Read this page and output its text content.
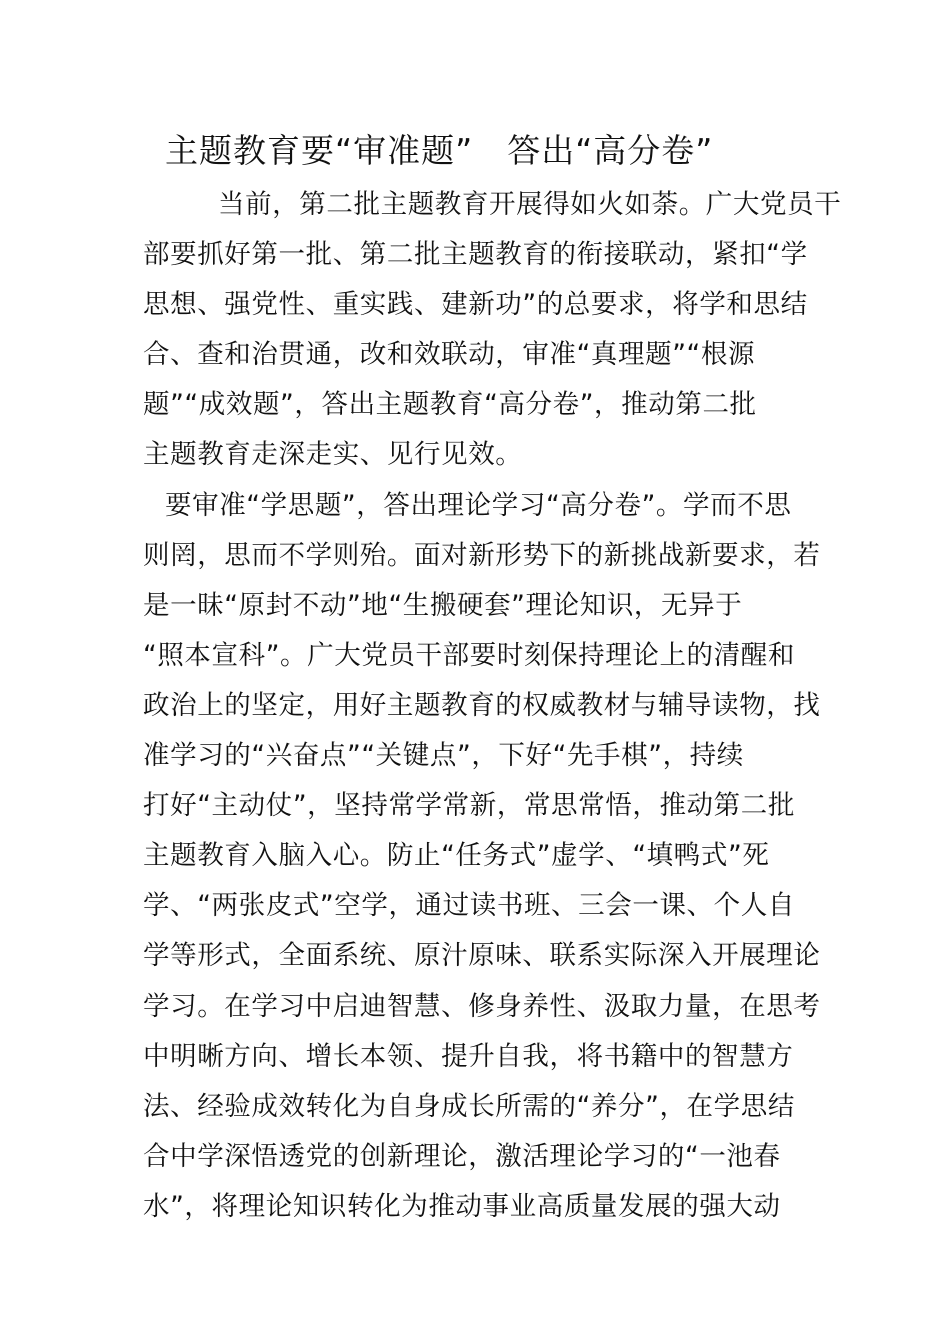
主题教育要“审准题”　答出“高分卷”
当前，第二批主题教育开展得如火如荼。广大党员干
部要抓好第一批、第二批主题教育的衔接联动，紧扣“学
思想、强党性、重实践、建新功”的总要求，将学和思结
合、查和治贯通，改和效联动，审准“真理题”“根源
题”“成效题”，答出主题教育“高分卷”，推动第二批
主题教育走深走实、见行见效。
要审准“学思题”，答出理论学习“高分卷”。学而不思
则罔，思而不学则殆。面对新形势下的新挑战新要求，若
是一昧“原封不动”地“生搬硬套”理论知识，无异于
“照本宣科”。广大党员干部要时刻保持理论上的清醒和
政治上的坚定，用好主题教育的权威教材与辅导读物，找
准学习的“兴奋点”“关键点”，下好“先手棋”，持续
打好“主动仗”，坚持常学常新，常思常悟，推动第二批
主题教育入脑入心。防止“任务式”虚学、“填鸭式”死
学、“两张皮式”空学，通过读书班、三会一课、个人自
学等形式，全面系统、原汁原味、联系实际深入开展理论
学习。在学习中启迪智慧、修身养性、汲取力量，在思考
中明晰方向、增长本领、提升自我，将书籍中的智慧方
法、经验成效转化为自身成长所需的“养分”，在学思结
合中学深悟透党的创新理论，激活理论学习的“一池春
水”，将理论知识转化为推动事业高质量发展的强大动
